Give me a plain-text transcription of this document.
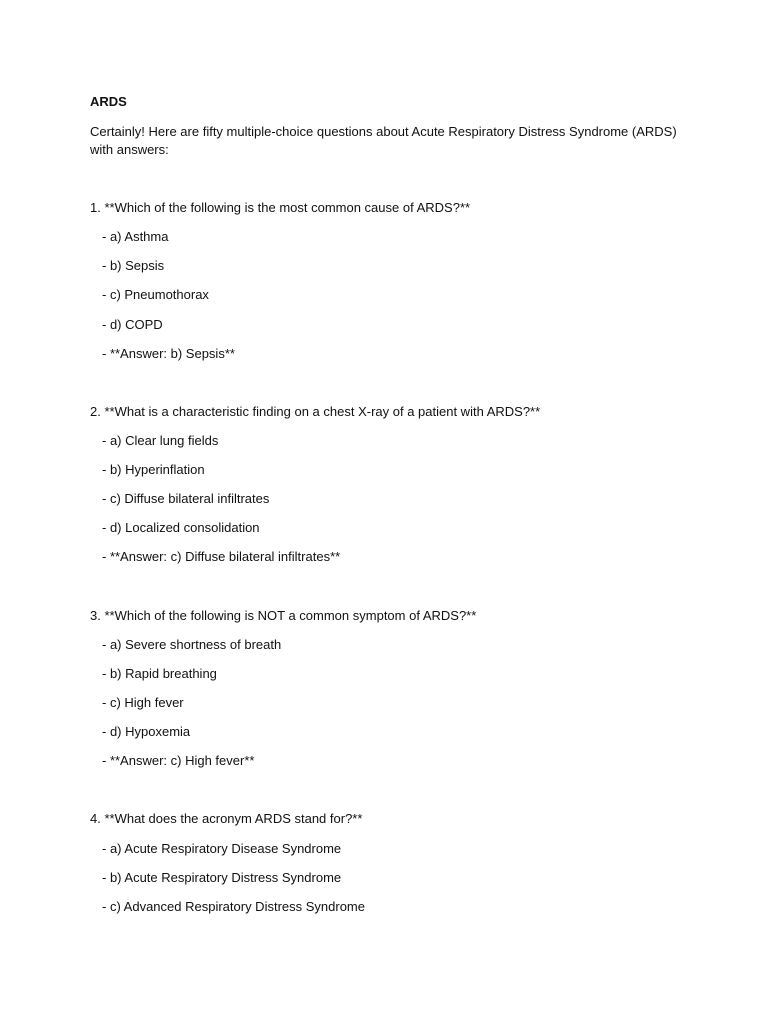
ARDS
Certainly! Here are fifty multiple-choice questions about Acute Respiratory Distress Syndrome (ARDS) with answers:
1. **Which of the following is the most common cause of ARDS?**
- a) Asthma
- b) Sepsis
- c) Pneumothorax
- d) COPD
- **Answer: b) Sepsis**
2. **What is a characteristic finding on a chest X-ray of a patient with ARDS?**
- a) Clear lung fields
- b) Hyperinflation
- c) Diffuse bilateral infiltrates
- d) Localized consolidation
- **Answer: c) Diffuse bilateral infiltrates**
3. **Which of the following is NOT a common symptom of ARDS?**
- a) Severe shortness of breath
- b) Rapid breathing
- c) High fever
- d) Hypoxemia
- **Answer: c) High fever**
4. **What does the acronym ARDS stand for?**
- a) Acute Respiratory Disease Syndrome
- b) Acute Respiratory Distress Syndrome
- c) Advanced Respiratory Distress Syndrome
